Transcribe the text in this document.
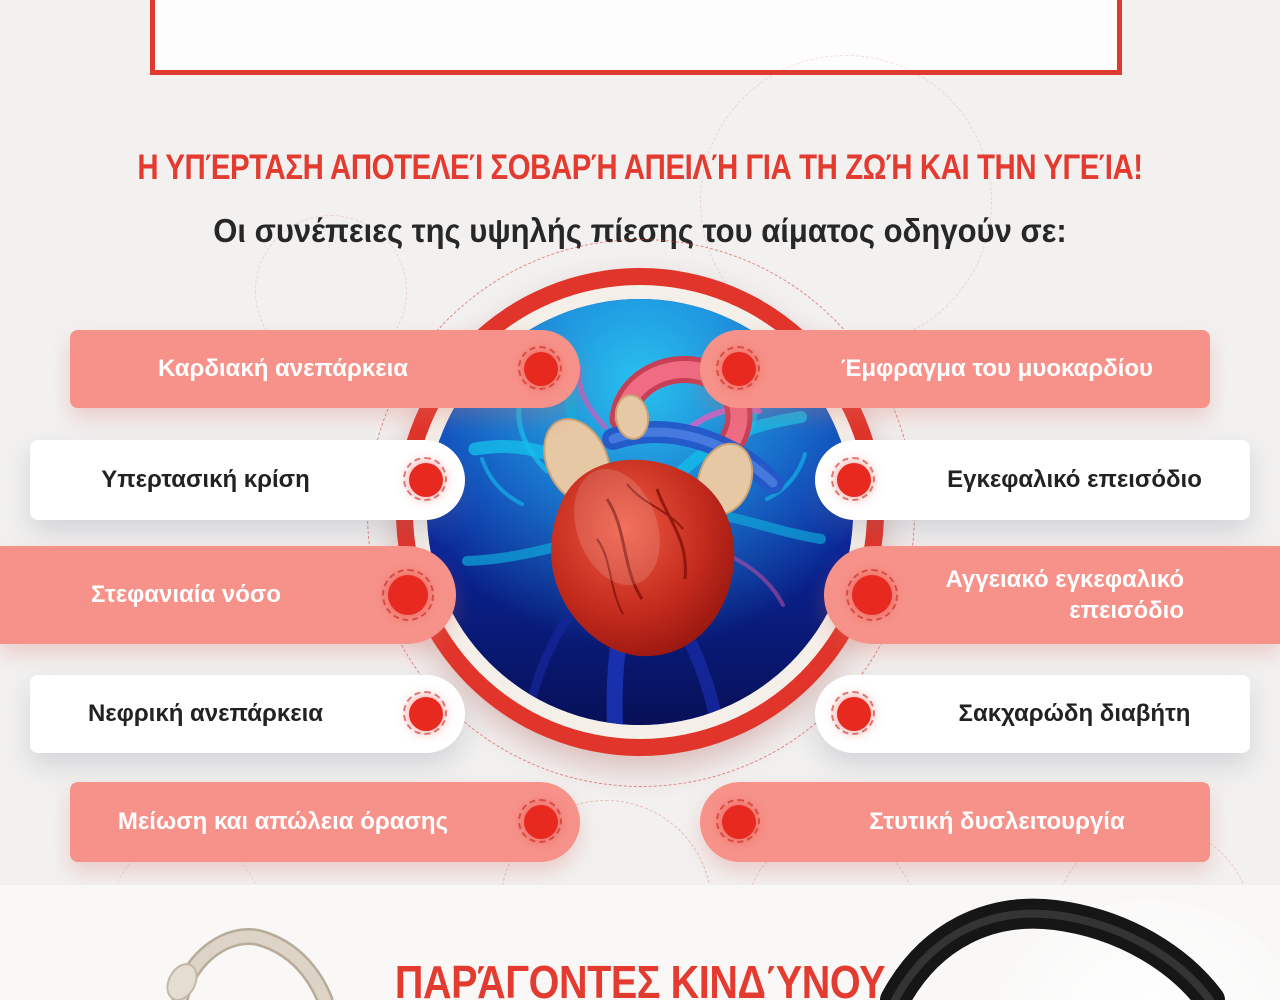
Η ΥΠΈΡΤΑΣΗ ΑΠΟΤΕΛΕΊ ΣΟΒΑΡΉ ΑΠΕΙΛΉ ΓΙΑ ΤΗ ΖΩΉ ΚΑΙ ΤΗΝ ΥΓΕΊΑ!
Οι συνέπειες της υψηλής πίεσης του αίματος οδηγούν σε:
Καρδιακή ανεπάρκεια
Υπερτασική κρίση
Στεφανιαία νόσο
Νεφρική ανεπάρκεια
Μείωση και απώλεια όρασης
Έμφραγμα του μυοκαρδίου
Εγκεφαλικό επεισόδιο
Αγγειακό εγκεφαλικό
επεισόδιο
Σακχαρώδη διαβήτη
Στυτική δυσλειτουργία
ΠΑΡΆΓΟΝΤΕΣ ΚΙΝΔΎΝΟΥ
